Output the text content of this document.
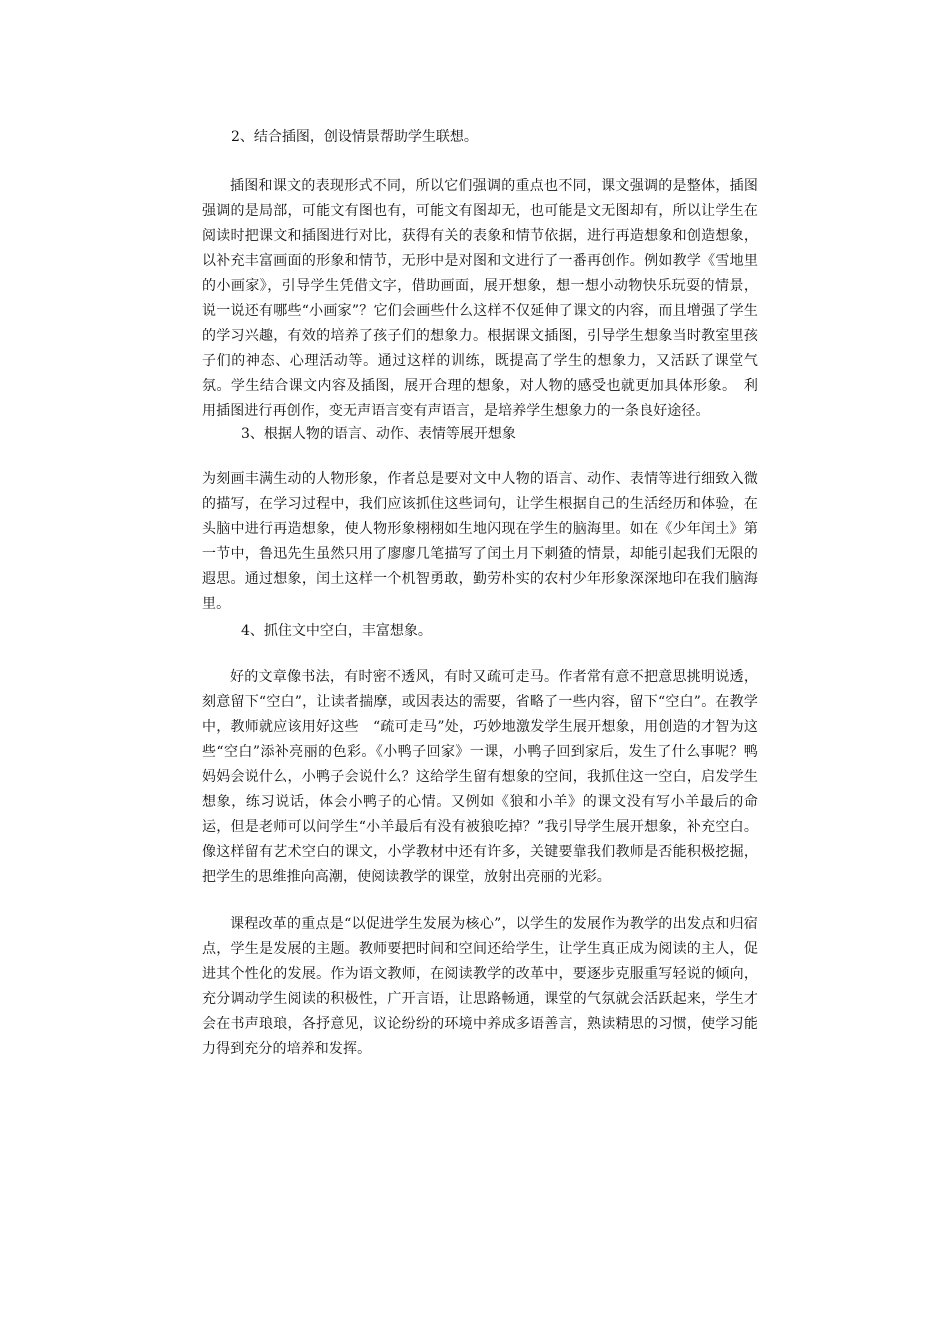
2、结合插图，创设情景帮助学生联想。
插图和课文的表现形式不同，所以它们强调的重点也不同，课文强调的是整体，插图强调的是局部，可能文有图也有，可能文有图却无，也可能是文无图却有，所以让学生在阅读时把课文和插图进行对比，获得有关的表象和情节依据，进行再造想象和创造想象，以补充丰富画面的形象和情节，无形中是对图和文进行了一番再创作。例如教学《雪地里的小画家》，引导学生凭借文字，借助画面，展开想象，想一想小动物快乐玩耍的情景，说一说还有哪些“小画家”？它们会画些什么这样不仅延伸了课文的内容，而且增强了学生的学习兴趣，有效的培养了孩子们的想象力。根据课文插图，引导学生想象当时教室里孩子们的神态、心理活动等。通过这样的训练，既提高了学生的想象力，又活跃了课堂气氛。学生结合课文内容及插图，展开合理的想象，对人物的感受也就更加具体形象。　利用插图进行再创作，变无声语言变有声语言，是培养学生想象力的一条良好途径。
3、根据人物的语言、动作、表情等展开想象
为刻画丰满生动的人物形象，作者总是要对文中人物的语言、动作、表情等进行细致入微的描写，在学习过程中，我们应该抓住这些词句，让学生根据自己的生活经历和体验，在头脑中进行再造想象，使人物形象栩栩如生地闪现在学生的脑海里。如在《少年闰土》第一节中，鲁迅先生虽然只用了廖廖几笔描写了闰土月下刺猹的情景，却能引起我们无限的遐思。通过想象，闰土这样一个机智勇敢，勤劳朴实的农村少年形象深深地印在我们脑海里。
4、抓住文中空白，丰富想象。
好的文章像书法，有时密不透风，有时又疏可走马。作者常有意不把意思挑明说透，刻意留下“空白”，让读者揣摩，或因表达的需要，省略了一些内容，留下“空白”。在教学中，教师就应该用好这些　“疏可走马”处，巧妙地激发学生展开想象，用创造的才智为这些“空白”添补亮丽的色彩。《小鸭子回家》一课，小鸭子回到家后，发生了什么事呢？鸭妈妈会说什么，小鸭子会说什么？这给学生留有想象的空间，我抓住这一空白，启发学生想象，练习说话，体会小鸭子的心情。又例如《狼和小羊》的课文没有写小羊最后的命运，但是老师可以问学生“小羊最后有没有被狼吃掉？”我引导学生展开想象，补充空白。像这样留有艺术空白的课文，小学教材中还有许多，关键要靠我们教师是否能积极挖掘，把学生的思维推向高潮，使阅读教学的课堂，放射出亮丽的光彩。
课程改革的重点是“以促进学生发展为核心”，以学生的发展作为教学的出发点和归宿点，学生是发展的主题。教师要把时间和空间还给学生，让学生真正成为阅读的主人，促进其个性化的发展。作为语文教师，在阅读教学的改革中，要逐步克服重写轻说的倾向，充分调动学生阅读的积极性，广开言语，让思路畅通，课堂的气氛就会活跃起来，学生才会在书声琅琅，各抒意见，议论纷纷的环境中养成多语善言，熟读精思的习惯，使学习能力得到充分的培养和发挥。
